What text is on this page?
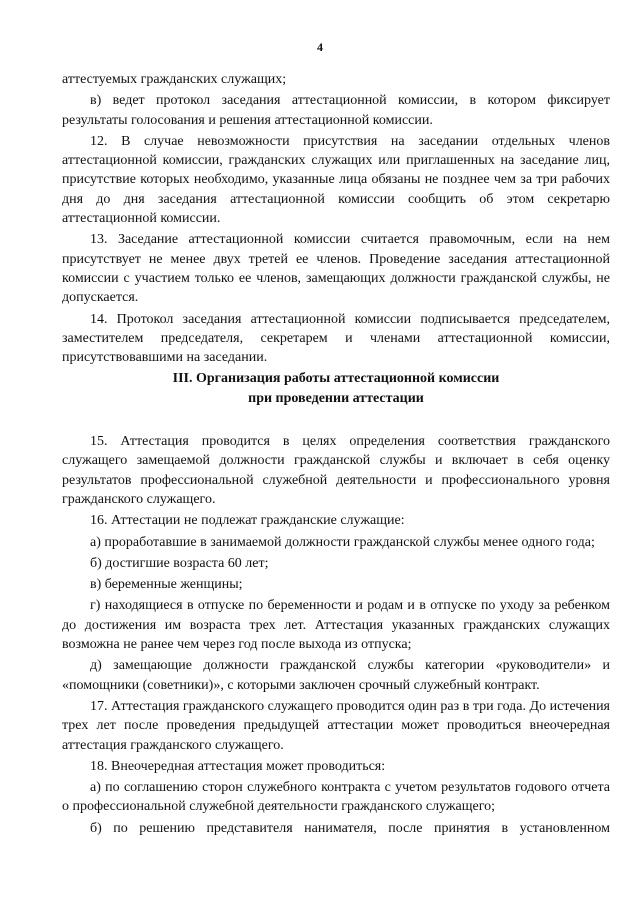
4

аттестуемых гражданских служащих;

в) ведет протокол заседания аттестационной комиссии, в котором фиксирует результаты голосования и решения аттестационной комиссии.

12. В случае невозможности присутствия на заседании отдельных членов аттестационной комиссии, гражданских служащих или приглашенных на заседание лиц, присутствие которых необходимо, указанные лица обязаны не позднее чем за три рабочих дня до дня заседания аттестационной комиссии сообщить об этом секретарю аттестационной комиссии.

13. Заседание аттестационной комиссии считается правомочным, если на нем присутствует не менее двух третей ее членов. Проведение заседания аттестационной комиссии с участием только ее членов, замещающих должности гражданской службы, не допускается.

14. Протокол заседания аттестационной комиссии подписывается председателем, заместителем председателя, секретарем и членами аттестационной комиссии, присутствовавшими на заседании.

III. Организация работы аттестационной комиссии

при проведении аттестации

15. Аттестация проводится в целях определения соответствия гражданского служащего замещаемой должности гражданской службы и включает в себя оценку результатов профессиональной служебной деятельности и профессионального уровня гражданского служащего.

16. Аттестации не подлежат гражданские служащие:

а) проработавшие в занимаемой должности гражданской службы менее одного года;

б) достигшие возраста 60 лет;

в) беременные женщины;

г) находящиеся в отпуске по беременности и родам и в отпуске по уходу за ребенком до достижения им возраста трех лет. Аттестация указанных гражданских служащих возможна не ранее чем через год после выхода из отпуска;

д) замещающие должности гражданской службы категории «руководители» и «помощники (советники)», с которыми заключен срочный служебный контракт.

17. Аттестация гражданского служащего проводится один раз в три года. До истечения трех лет после проведения предыдущей аттестации может проводиться внеочередная аттестация гражданского служащего.

18. Внеочередная аттестация может проводиться:

а) по соглашению сторон служебного контракта с учетом результатов годового отчета о профессиональной служебной деятельности гражданского служащего;

б) по решению представителя нанимателя, после принятия в установленном
